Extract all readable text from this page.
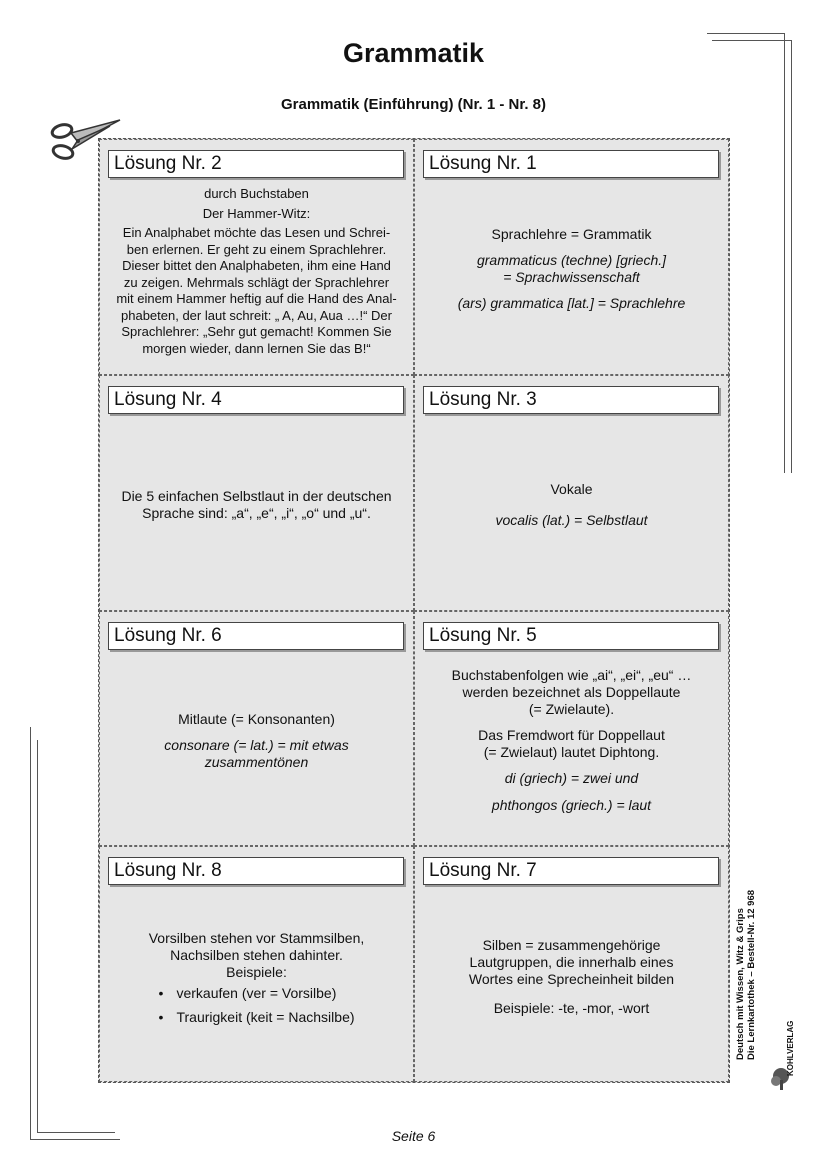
Grammatik
Grammatik (Einführung) (Nr. 1 - Nr. 8)
Lösung Nr. 2

durch Buchstaben

Der Hammer-Witz:

Ein Analphabet möchte das Lesen und Schrei-ben erlernen. Er geht zu einem Sprachlehrer. Dieser bittet den Analphabeten, ihm eine Hand zu zeigen. Mehrmals schlägt der Sprachlehrer mit einem Hammer heftig auf die Hand des Anal-phabeten, der laut schreit: „ A, Au, Aua …!“ Der Sprachlehrer: „Sehr gut gemacht! Kommen Sie morgen wieder, dann lernen Sie das B!“

Lösung Nr. 1

Sprachlehre = Grammatik

grammaticus (techne) [griech.]

= Sprachwissenschaft

(ars) grammatica [lat.] = Sprachlehre

Lösung Nr. 4

Die 5 einfachen Selbstlaut in der deutschen

Sprache sind: „a“, „e“, „i“, „o“ und „u“.

Lösung Nr. 3

Vokale

vocalis (lat.) = Selbstlaut

Lösung Nr. 6

Mitlaute (= Konsonanten)

consonare (= lat.) = mit etwas

zusammentönen

Lösung Nr. 5

Buchstabenfolgen wie „ai“, „ei“, „eu“ …

werden bezeichnet als Doppellaute

(= Zwielaute).

Das Fremdwort für Doppellaut

(= Zwielaut) lautet Diphtong.

di (griech) = zwei und

phthongos (griech.) = laut

Lösung Nr. 8

Vorsilben stehen vor Stammsilben,

Nachsilben stehen dahinter.

Beispiele:

• verkaufen (ver = Vorsilbe)
• Traurigkeit (keit = Nachsilbe)
Lösung Nr. 7

Silben = zusammengehörige

Lautgruppen, die innerhalb eines

Wortes eine Sprecheinheit bilden

Beispiele: -te, -mor, -wort	Deutsch mit Wissen, Witz & Grips Die Lernkartothek – Bestell-Nr. 12 968	KOHLVERLAG
Seite 6
